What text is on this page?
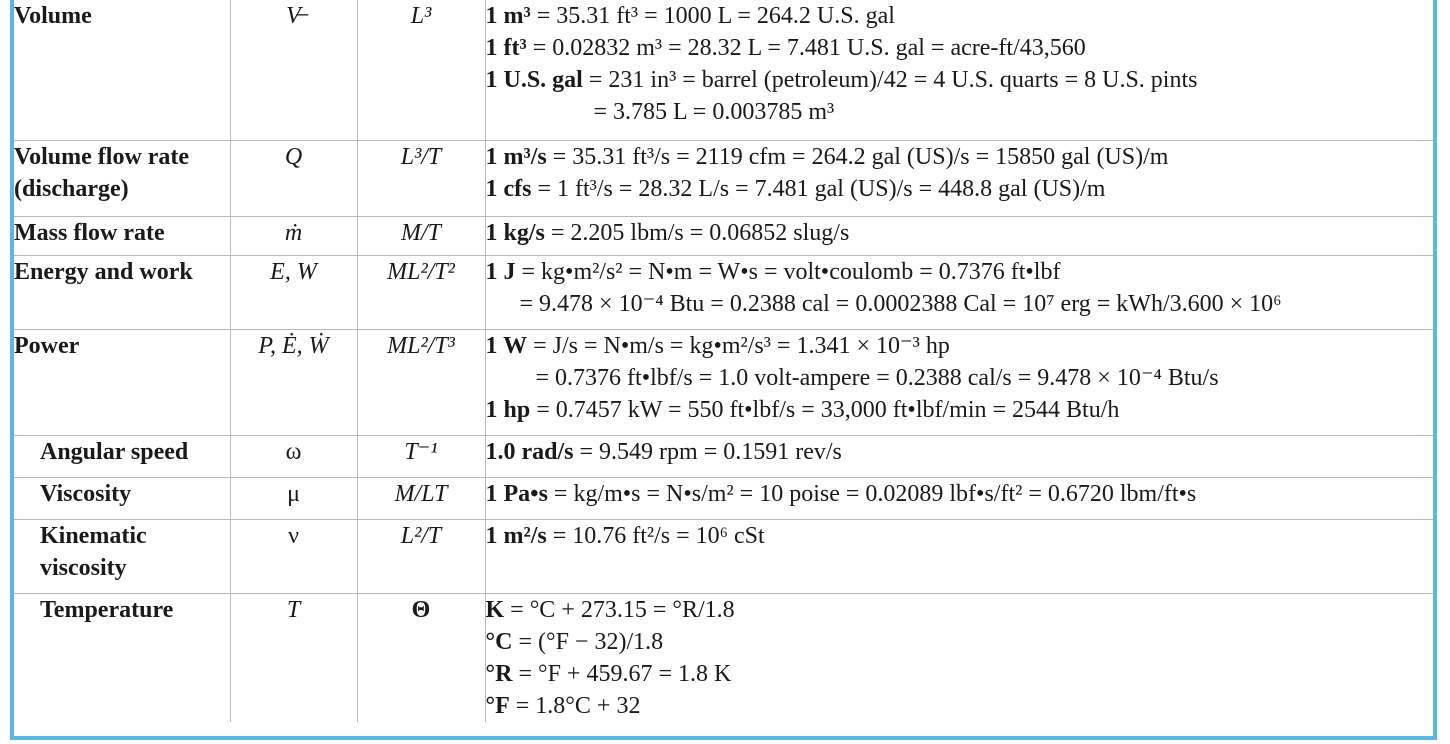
Volume	V̶	L³	1 m³ = 35.31 ft³ = 1000 L = 264.2 U.S. gal
1 ft³ = 0.02832 m³ = 28.32 L = 7.481 U.S. gal = acre-ft/43,560
1 U.S. gal = 231 in³ = barrel (petroleum)/42 = 4 U.S. quarts = 8 U.S. pints
= 3.785 L = 0.003785 m³

Volume flow rate (discharge)	Q	L³/T	1 m³/s = 35.31 ft³/s = 2119 cfm = 264.2 gal (US)/s = 15850 gal (US)/m
1 cfs = 1 ft³/s = 28.32 L/s = 7.481 gal (US)/s = 448.8 gal (US)/m

Mass flow rate	ṁ	M/T	1 kg/s = 2.205 lbm/s = 0.06852 slug/s

Energy and work	E, W	ML²/T²	1 J = kg•m²/s² = N•m = W•s = volt•coulomb = 0.7376 ft•lbf
= 9.478 × 10⁻⁴ Btu = 0.2388 cal = 0.0002388 Cal = 10⁷ erg = kWh/3.600 × 10⁶

Power	P, Ė, Ẇ	ML²/T³	1 W = J/s = N•m/s = kg•m²/s³ = 1.341 × 10⁻³ hp
= 0.7376 ft•lbf/s = 1.0 volt-ampere = 0.2388 cal/s = 9.478 × 10⁻⁴ Btu/s
1 hp = 0.7457 kW = 550 ft•lbf/s = 33,000 ft•lbf/min = 2544 Btu/h

Angular speed	ω	T⁻¹	1.0 rad/s = 9.549 rpm = 0.1591 rev/s

Viscosity	μ	M/LT	1 Pa•s = kg/m•s = N•s/m² = 10 poise = 0.02089 lbf•s/ft² = 0.6720 lbm/ft•s

Kinematic viscosity	ν	L²/T	1 m²/s = 10.76 ft²/s = 10⁶ cSt

Temperature	T	Θ	K = °C + 273.15 = °R/1.8
°C = (°F − 32)/1.8
°R = °F + 459.67 = 1.8 K
°F = 1.8°C + 32
